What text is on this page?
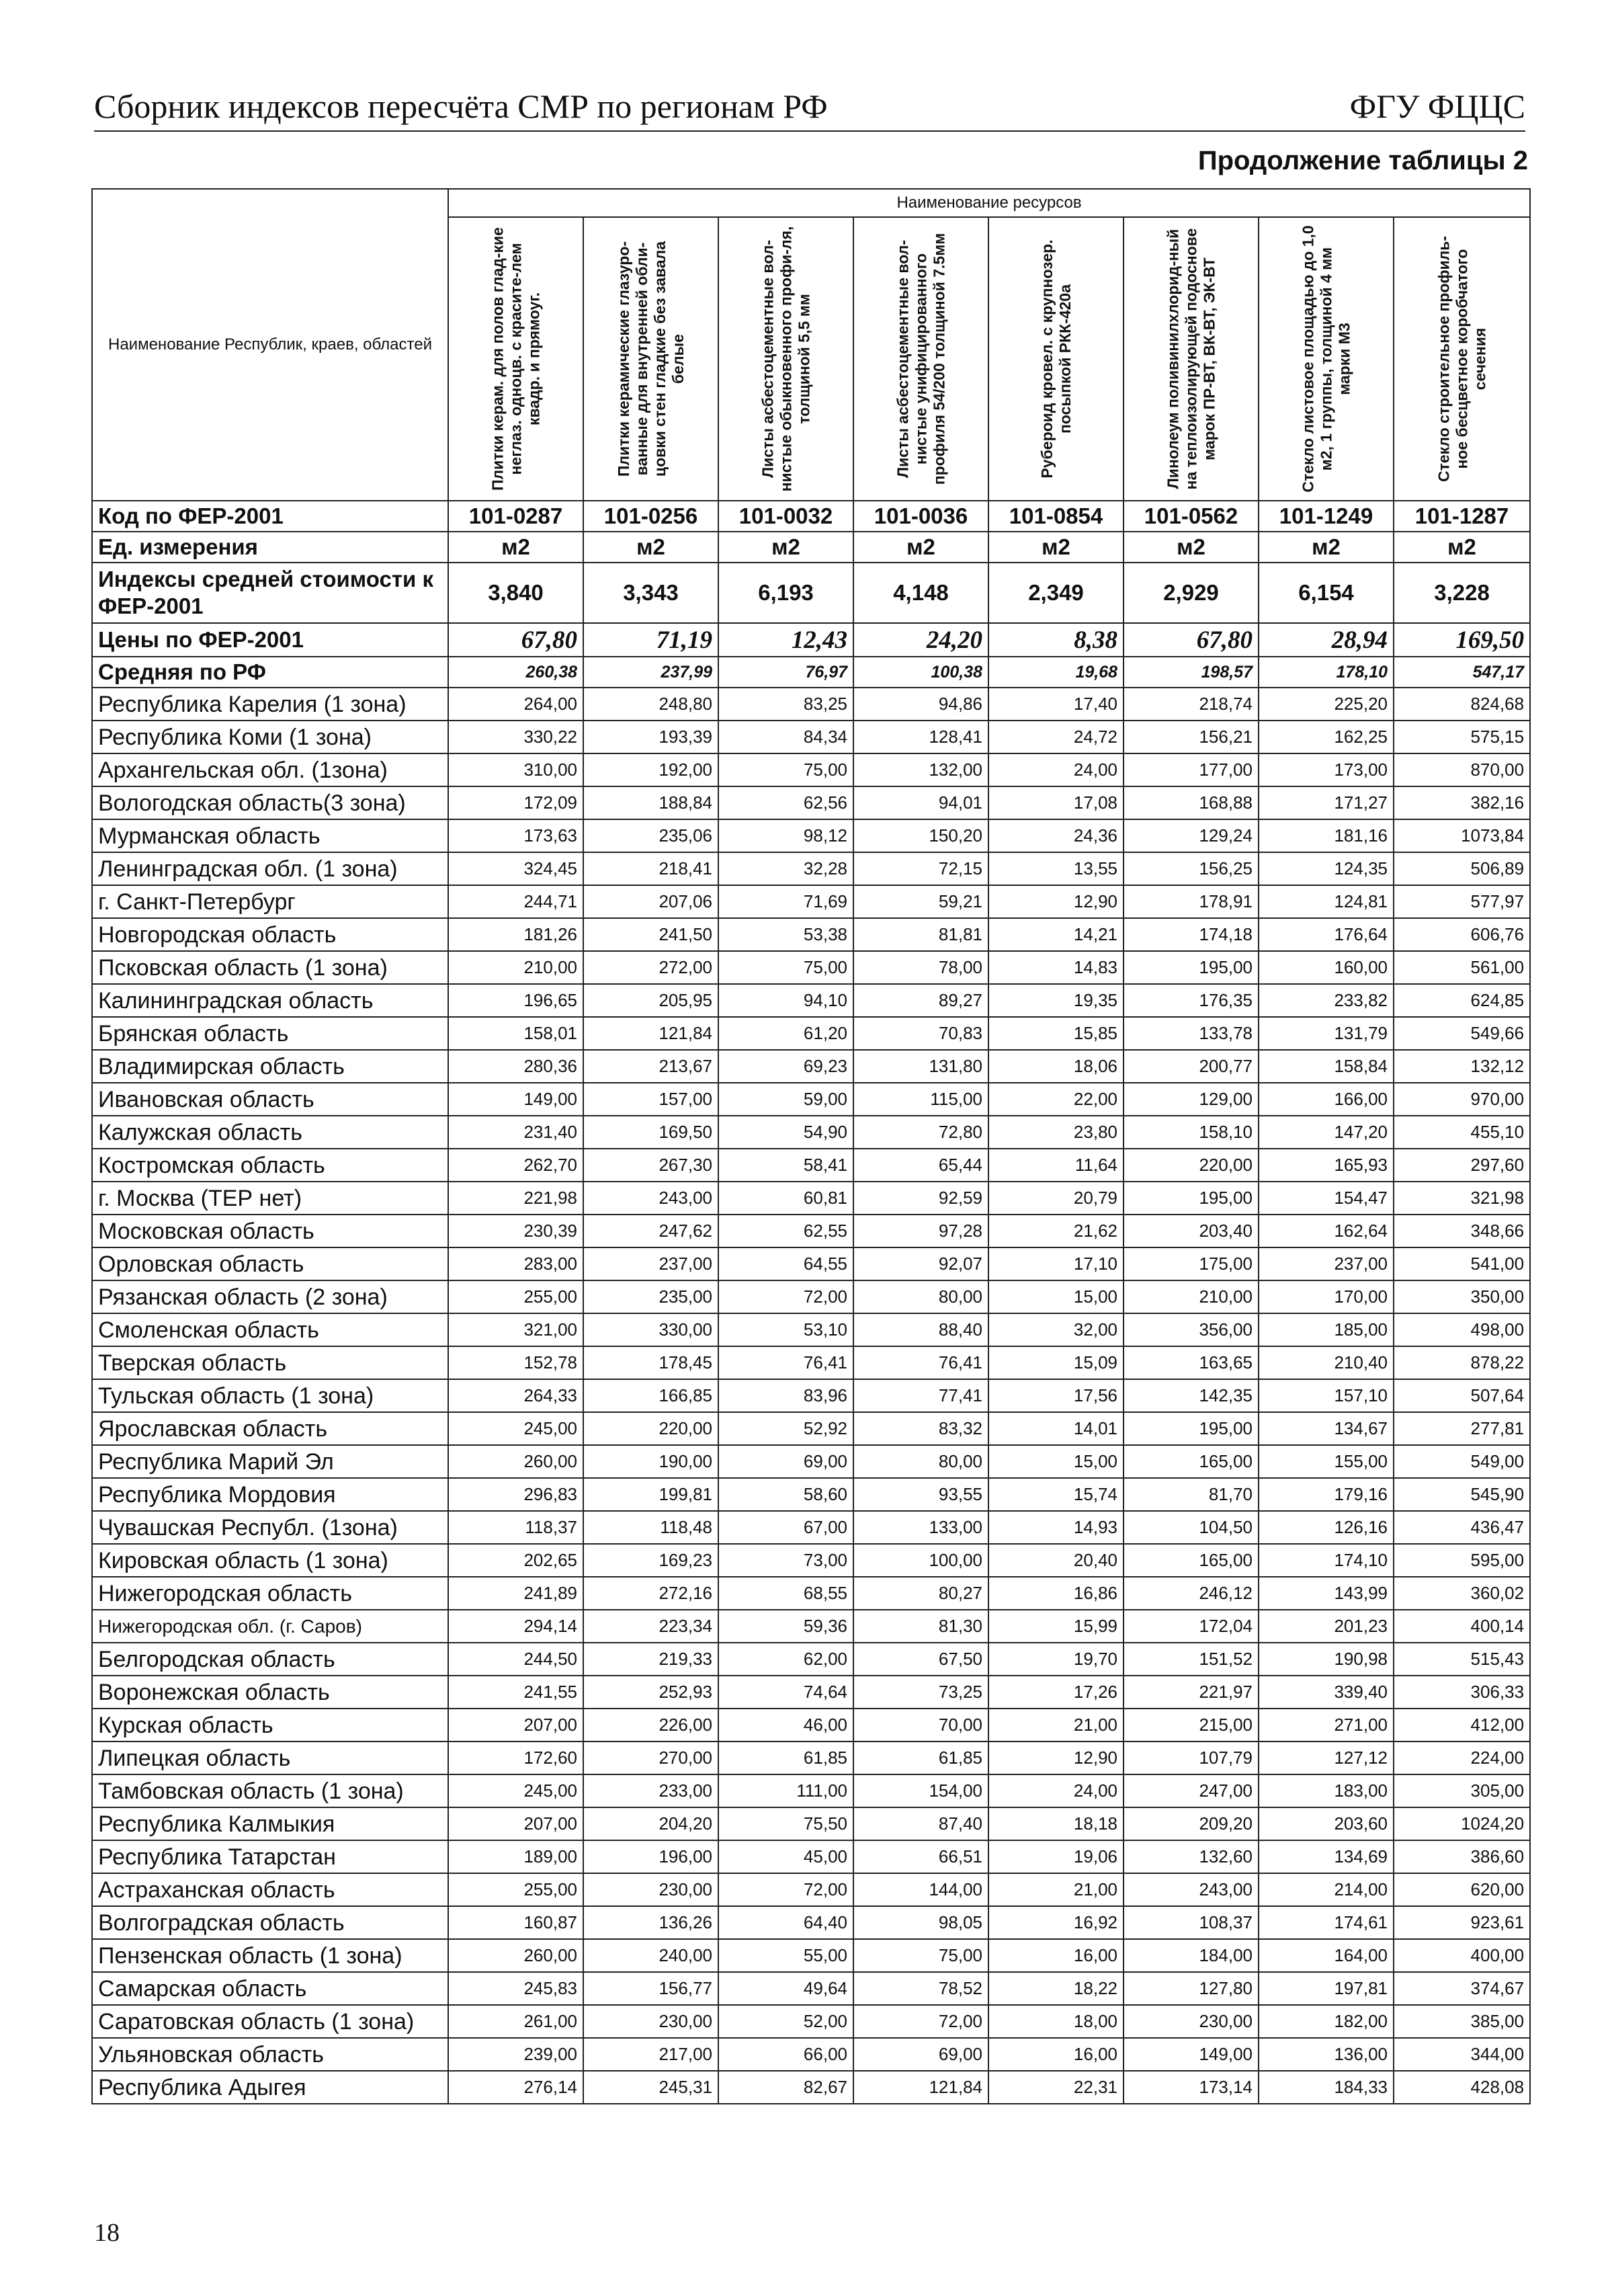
Сборник индексов пересчёта СМР по регионам РФ	ФГУ ФЦЦС
Продолжение таблицы 2
Наименование Республик, краев, областей	Наименование ресурсов							

	Плитки керам. для полов глад-кие неглаз. одноцв. с красите-лем квадр. и прямоуг.	Плитки керамические глазуро-ванные для внутренней обли-цовки стен гладкие без завала белые	Листы асбестоцементные вол-нистые обыкновенного профи-ля, толщиной 5,5 мм	Листы асбестоцементные вол-нистые унифицированного профиля 54/200 толщиной 7.5мм	Рубероид кровел. с крупнозер. посыпкой РКК-420а	Линолеум поливинилхлорид-ный на теплоизолирующей подоснове марок ПР-ВТ, ВК-ВТ, ЭК-ВТ	Стекло листовое площадью до 1,0 м2, 1 группы, толщиной 4 мм марки М3	Стекло строительное профиль-ное бесцветное коробчатого сечения

Код по ФЕР-2001	101-0287	101-0256	101-0032	101-0036	101-0854	101-0562	101-1249	101-1287
Ед. измерения	м2	м2	м2	м2	м2	м2	м2	м2
Индексы средней стоимости к ФЕР-2001	3,840	3,343	6,193	4,148	2,349	2,929	6,154	3,228
Цены по ФЕР-2001	67,80	71,19	12,43	24,20	8,38	67,80	28,94	169,50
Средняя по РФ	260,38	237,99	76,97	100,38	19,68	198,57	178,10	547,17
Республика Карелия (1 зона)	264,00	248,80	83,25	94,86	17,40	218,74	225,20	824,68
Республика Коми (1 зона)	330,22	193,39	84,34	128,41	24,72	156,21	162,25	575,15
Архангельская обл. (1зона)	310,00	192,00	75,00	132,00	24,00	177,00	173,00	870,00
Вологодская область(3 зона)	172,09	188,84	62,56	94,01	17,08	168,88	171,27	382,16
Мурманская область	173,63	235,06	98,12	150,20	24,36	129,24	181,16	1073,84
Ленинградская обл. (1 зона)	324,45	218,41	32,28	72,15	13,55	156,25	124,35	506,89
г. Санкт-Петербург	244,71	207,06	71,69	59,21	12,90	178,91	124,81	577,97
Новгородская область	181,26	241,50	53,38	81,81	14,21	174,18	176,64	606,76
Псковская область (1 зона)	210,00	272,00	75,00	78,00	14,83	195,00	160,00	561,00
Калининградская область	196,65	205,95	94,10	89,27	19,35	176,35	233,82	624,85
Брянская область	158,01	121,84	61,20	70,83	15,85	133,78	131,79	549,66
Владимирская область	280,36	213,67	69,23	131,80	18,06	200,77	158,84	132,12
Ивановская область	149,00	157,00	59,00	115,00	22,00	129,00	166,00	970,00
Калужская область	231,40	169,50	54,90	72,80	23,80	158,10	147,20	455,10
Костромская область	262,70	267,30	58,41	65,44	11,64	220,00	165,93	297,60
г. Москва (ТЕР нет)	221,98	243,00	60,81	92,59	20,79	195,00	154,47	321,98
Московская область	230,39	247,62	62,55	97,28	21,62	203,40	162,64	348,66
Орловская область	283,00	237,00	64,55	92,07	17,10	175,00	237,00	541,00
Рязанская область (2 зона)	255,00	235,00	72,00	80,00	15,00	210,00	170,00	350,00
Смоленская область	321,00	330,00	53,10	88,40	32,00	356,00	185,00	498,00
Тверская область	152,78	178,45	76,41	76,41	15,09	163,65	210,40	878,22
Тульская область (1 зона)	264,33	166,85	83,96	77,41	17,56	142,35	157,10	507,64
Ярославская область	245,00	220,00	52,92	83,32	14,01	195,00	134,67	277,81
Республика Марий Эл	260,00	190,00	69,00	80,00	15,00	165,00	155,00	549,00
Республика Мордовия	296,83	199,81	58,60	93,55	15,74	81,70	179,16	545,90
Чувашская Республ. (1зона)	118,37	118,48	67,00	133,00	14,93	104,50	126,16	436,47
Кировская область (1 зона)	202,65	169,23	73,00	100,00	20,40	165,00	174,10	595,00
Нижегородская область	241,89	272,16	68,55	80,27	16,86	246,12	143,99	360,02
Нижегородская обл. (г. Саров)	294,14	223,34	59,36	81,30	15,99	172,04	201,23	400,14
Белгородская область	244,50	219,33	62,00	67,50	19,70	151,52	190,98	515,43
Воронежская область	241,55	252,93	74,64	73,25	17,26	221,97	339,40	306,33
Курская область	207,00	226,00	46,00	70,00	21,00	215,00	271,00	412,00
Липецкая область	172,60	270,00	61,85	61,85	12,90	107,79	127,12	224,00
Тамбовская область (1 зона)	245,00	233,00	111,00	154,00	24,00	247,00	183,00	305,00
Республика Калмыкия	207,00	204,20	75,50	87,40	18,18	209,20	203,60	1024,20
Республика Татарстан	189,00	196,00	45,00	66,51	19,06	132,60	134,69	386,60
Астраханская область	255,00	230,00	72,00	144,00	21,00	243,00	214,00	620,00
Волгоградская область	160,87	136,26	64,40	98,05	16,92	108,37	174,61	923,61
Пензенская область (1 зона)	260,00	240,00	55,00	75,00	16,00	184,00	164,00	400,00
Самарская область	245,83	156,77	49,64	78,52	18,22	127,80	197,81	374,67
Саратовская область (1 зона)	261,00	230,00	52,00	72,00	18,00	230,00	182,00	385,00
Ульяновская область	239,00	217,00	66,00	69,00	16,00	149,00	136,00	344,00
Республика Адыгея	276,14	245,31	82,67	121,84	22,31	173,14	184,33	428,08
18
